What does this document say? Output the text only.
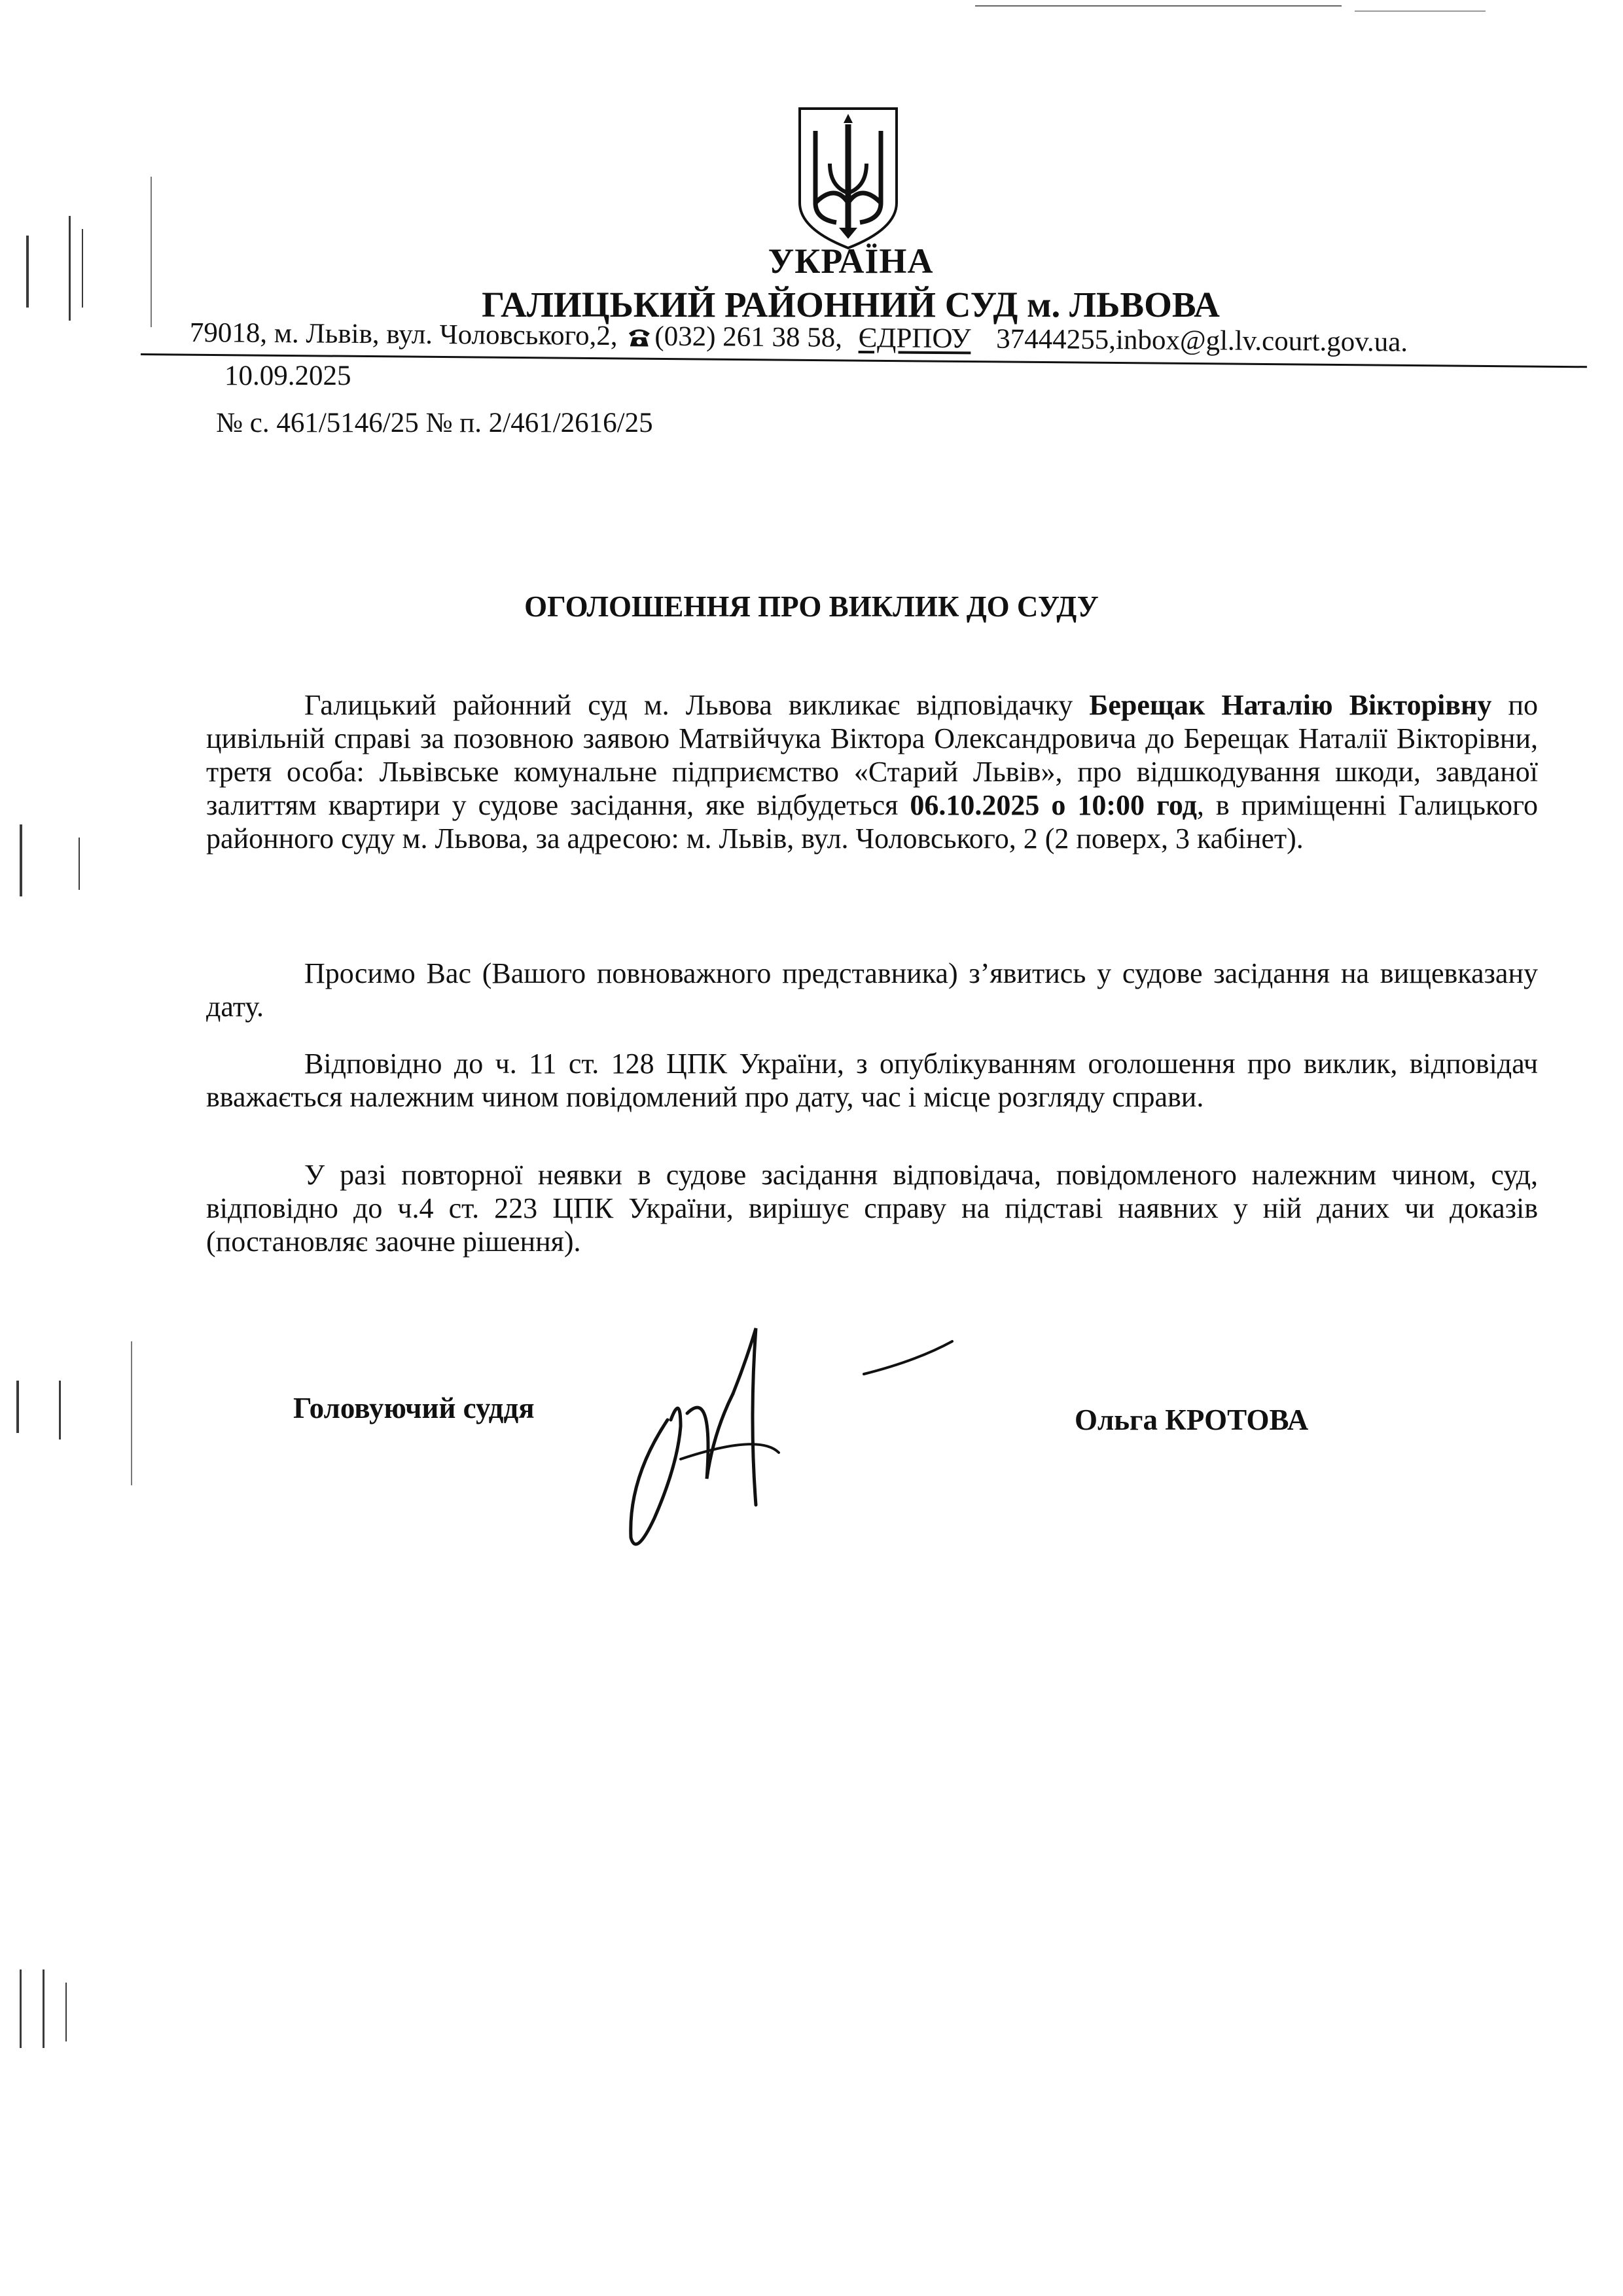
УКРАЇНА
ГАЛИЦЬКИЙ РАЙОННИЙ СУД м. ЛЬВОВА
79018, м. Львів, вул. Чоловського,2, (032) 261 38 58, ЄДРПОУ 37444255,inbox@gl.lv.court.gov.ua.
10.09.2025
№ с. 461/5146/25 № п. 2/461/2616/25
ОГОЛОШЕННЯ ПРО ВИКЛИК ДО СУДУ
Галицький районний суд м. Львова викликає відповідачку Берещак Наталію Вікторівну по цивільній справі за позовною заявою Матвійчука Віктора Олександровича до Берещак Наталії Вікторівни, третя особа: Львівське комунальне підприємство «Старий Львів», про відшкодування шкоди, завданої залиттям квартири у судове засідання, яке відбудеться 06.10.2025 о 10:00 год, в приміщенні Галицького районного суду м. Львова, за адресою: м. Львів, вул. Чоловського, 2 (2 поверх, 3 кабінет).
Просимо Вас (Вашого повноважного представника) з’явитись у судове засідання на вищевказану дату.
Відповідно до ч. 11 ст. 128 ЦПК України, з опублікуванням оголошення про виклик, відповідач вважається належним чином повідомлений про дату, час і місце розгляду справи.
У разі повторної неявки в судове засідання відповідача, повідомленого належним чином, суд, відповідно до ч.4 ст. 223 ЦПК України, вирішує справу на підставі наявних у ній даних чи доказів (постановляє заочне рішення).
Головуючий суддя	Ольга КРОТОВА
